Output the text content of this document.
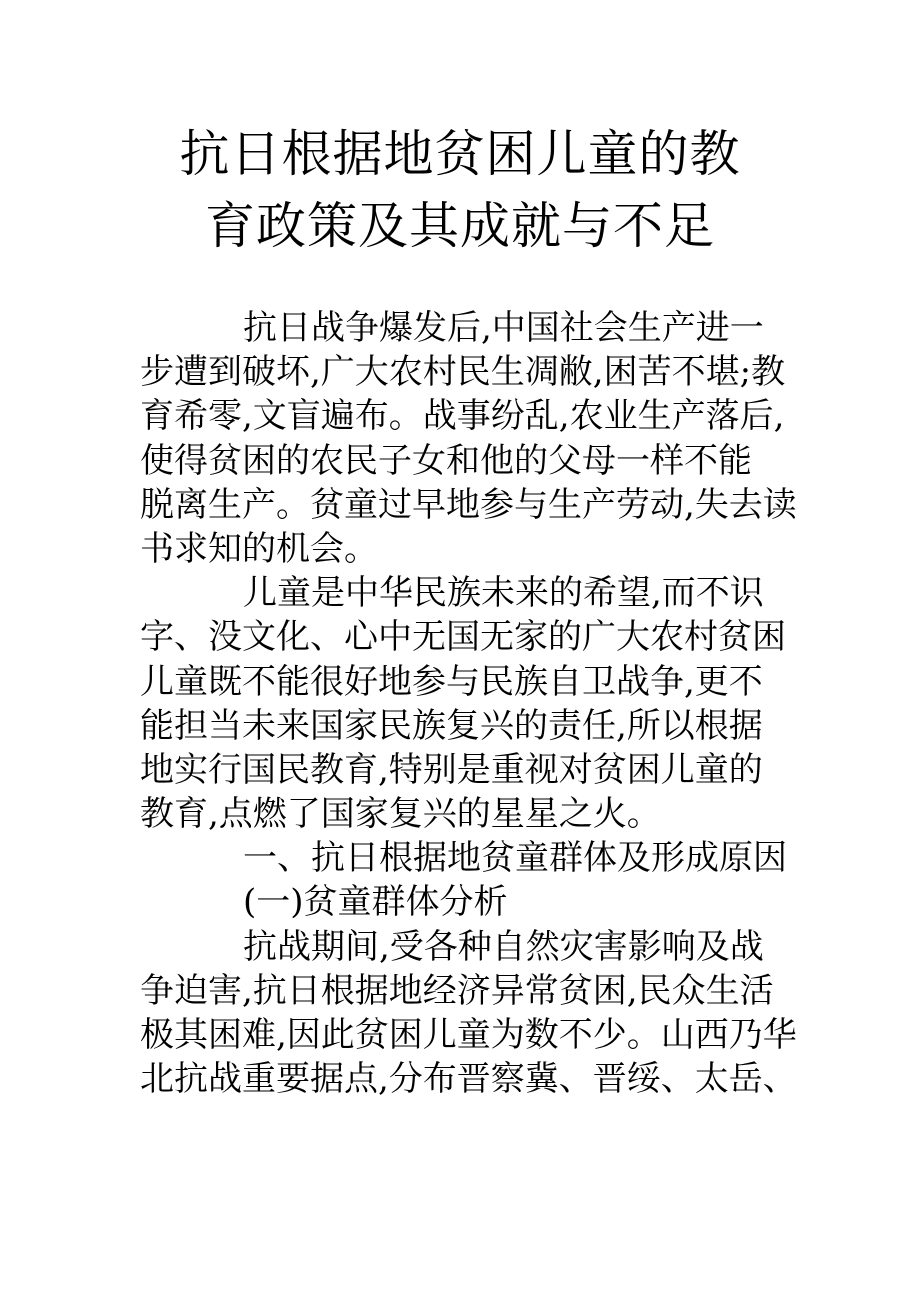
抗日根据地贫困儿童的教
育政策及其成就与不足

抗日战争爆发后,中国社会生产进一
步遭到破坏,广大农村民生凋敝,困苦不堪;教
育希零,文盲遍布。战事纷乱,农业生产落后,
使得贫困的农民子女和他的父母一样不能
脱离生产。贫童过早地参与生产劳动,失去读
书求知的机会。

儿童是中华民族未来的希望,而不识
字、没文化、心中无国无家的广大农村贫困
儿童既不能很好地参与民族自卫战争,更不
能担当未来国家民族复兴的责任,所以根据
地实行国民教育,特别是重视对贫困儿童的
教育,点燃了国家复兴的星星之火。

一、抗日根据地贫童群体及形成原因

(一)贫童群体分析

抗战期间,受各种自然灾害影响及战
争迫害,抗日根据地经济异常贫困,民众生活
极其困难,因此贫困儿童为数不少。山西乃华
北抗战重要据点,分布晋察冀、晋绥、太岳、
